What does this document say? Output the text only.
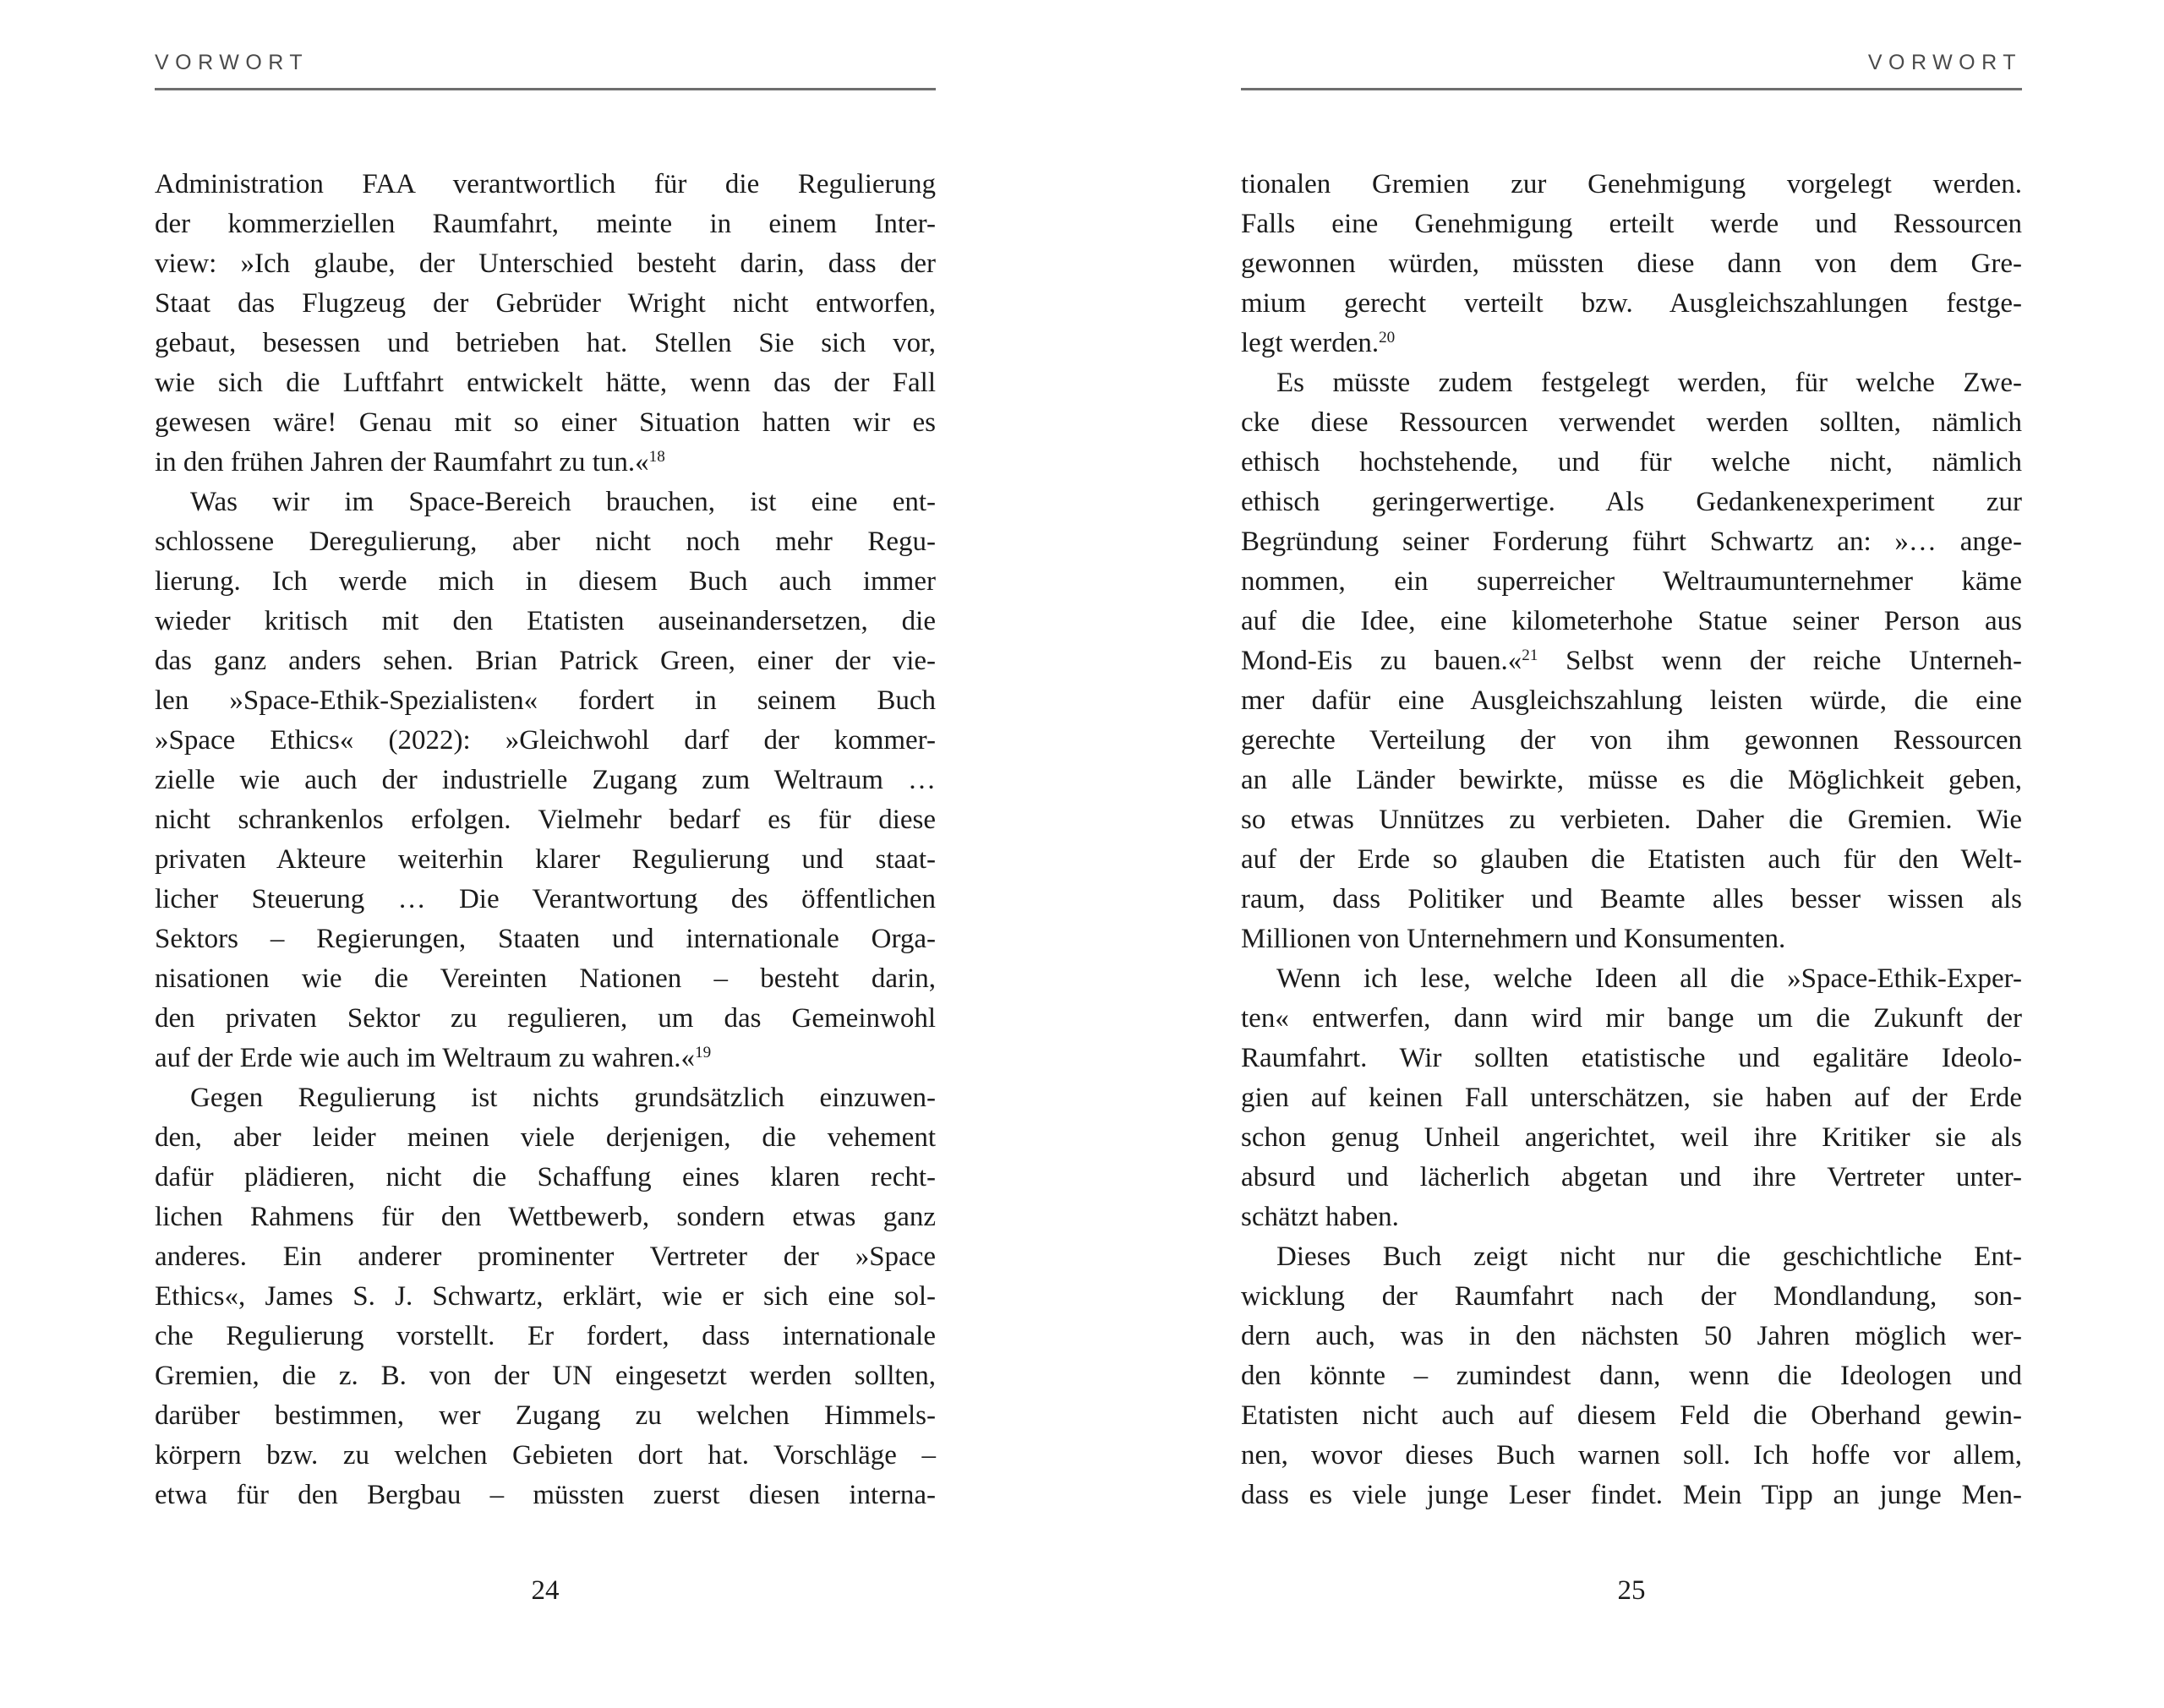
VORWORT
Administration FAA verantwortlich für die Regulierung
der kommerziellen Raumfahrt, meinte in einem Inter-
view: »Ich glaube, der Unterschied besteht darin, dass der
Staat das Flugzeug der Gebrüder Wright nicht entworfen,
gebaut, besessen und betrieben hat. Stellen Sie sich vor,
wie sich die Luftfahrt entwickelt hätte, wenn das der Fall
gewesen wäre! Genau mit so einer Situation hatten wir es
in den frühen Jahren der Raumfahrt zu tun.«$^{18}$
Was wir im Space-Bereich brauchen, ist eine ent-
schlossene Deregulierung, aber nicht noch mehr Regu-
lierung. Ich werde mich in diesem Buch auch immer
wieder kritisch mit den Etatisten auseinandersetzen, die
das ganz anders sehen. Brian Patrick Green, einer der vie-
len »Space-Ethik-Spezialisten« fordert in seinem Buch
»Space Ethics« (2022): »Gleichwohl darf der kommer-
zielle wie auch der industrielle Zugang zum Weltraum …
nicht schrankenlos erfolgen. Vielmehr bedarf es für diese
privaten Akteure weiterhin klarer Regulierung und staat-
licher Steuerung … Die Verantwortung des öffentlichen
Sektors – Regierungen, Staaten und internationale Orga-
nisationen wie die Vereinten Nationen – besteht darin,
den privaten Sektor zu regulieren, um das Gemeinwohl
auf der Erde wie auch im Weltraum zu wahren.«$^{19}$
Gegen Regulierung ist nichts grundsätzlich einzuwen-
den, aber leider meinen viele derjenigen, die vehement
dafür plädieren, nicht die Schaffung eines klaren recht-
lichen Rahmens für den Wettbewerb, sondern etwas ganz
anderes. Ein anderer prominenter Vertreter der »Space
Ethics«, James S. J. Schwartz, erklärt, wie er sich eine sol-
che Regulierung vorstellt. Er fordert, dass internationale
Gremien, die z. B. von der UN eingesetzt werden sollten,
darüber bestimmen, wer Zugang zu welchen Himmels-
körpern bzw. zu welchen Gebieten dort hat. Vorschläge –
etwa für den Bergbau – müssten zuerst diesen interna-
24
VORWORT
tionalen Gremien zur Genehmigung vorgelegt werden.
Falls eine Genehmigung erteilt werde und Ressourcen
gewonnen würden, müssten diese dann von dem Gre-
mium gerecht verteilt bzw. Ausgleichszahlungen festge-
legt werden.$^{20}$
Es müsste zudem festgelegt werden, für welche Zwe-
cke diese Ressourcen verwendet werden sollten, nämlich
ethisch hochstehende, und für welche nicht, nämlich
ethisch geringerwertige. Als Gedankenexperiment zur
Begründung seiner Forderung führt Schwartz an: »… ange-
nommen, ein superreicher Weltraumunternehmer käme
auf die Idee, eine kilometerhohe Statue seiner Person aus
Mond-Eis zu bauen.«$^{21}$ Selbst wenn der reiche Unterneh-
mer dafür eine Ausgleichszahlung leisten würde, die eine
gerechte Verteilung der von ihm gewonnen Ressourcen
an alle Länder bewirkte, müsse es die Möglichkeit geben,
so etwas Unnützes zu verbieten. Daher die Gremien. Wie
auf der Erde so glauben die Etatisten auch für den Welt-
raum, dass Politiker und Beamte alles besser wissen als
Millionen von Unternehmern und Konsumenten.
Wenn ich lese, welche Ideen all die »Space-Ethik-Exper-
ten« entwerfen, dann wird mir bange um die Zukunft der
Raumfahrt. Wir sollten etatistische und egalitäre Ideolo-
gien auf keinen Fall unterschätzen, sie haben auf der Erde
schon genug Unheil angerichtet, weil ihre Kritiker sie als
absurd und lächerlich abgetan und ihre Vertreter unter-
schätzt haben.
Dieses Buch zeigt nicht nur die geschichtliche Ent-
wicklung der Raumfahrt nach der Mondlandung, son-
dern auch, was in den nächsten 50 Jahren möglich wer-
den könnte – zumindest dann, wenn die Ideologen und
Etatisten nicht auch auf diesem Feld die Oberhand gewin-
nen, wovor dieses Buch warnen soll. Ich hoffe vor allem,
dass es viele junge Leser findet. Mein Tipp an junge Men-
25
